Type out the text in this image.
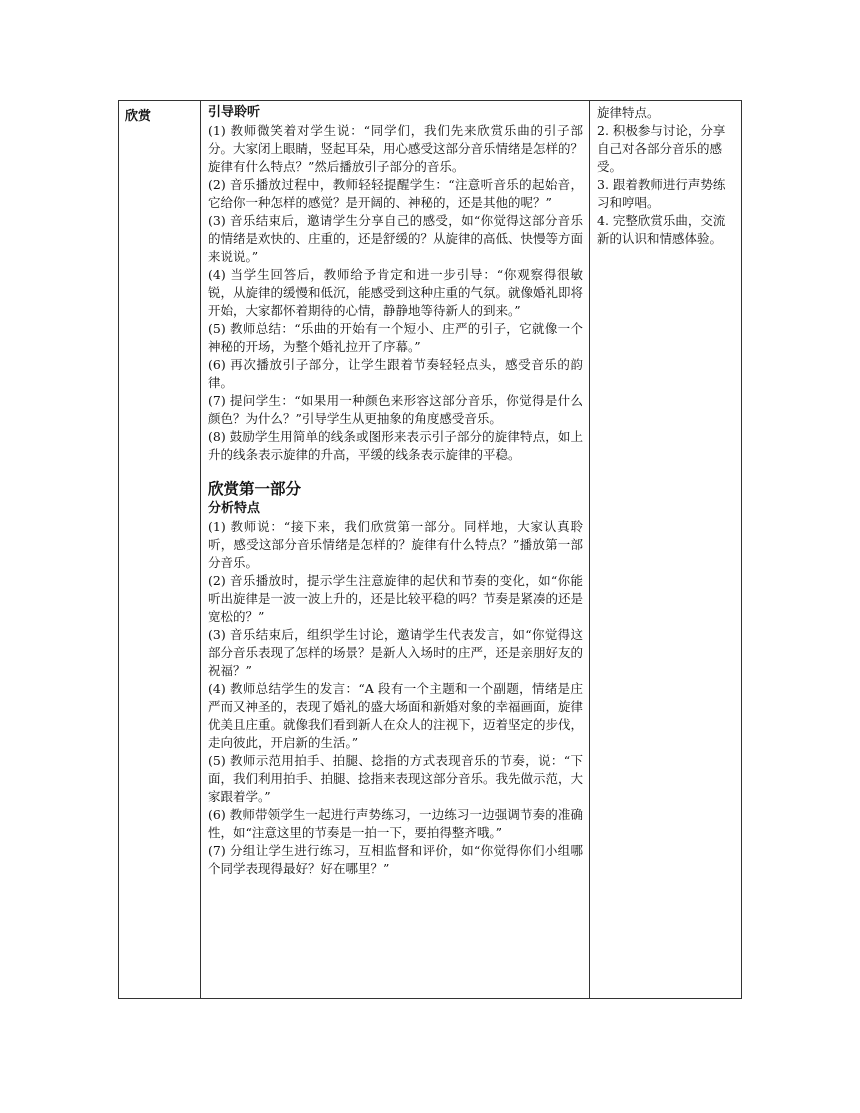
欣赏	引导聆听

(1) 教师微笑着对学生说：“同学们，我们先来欣赏乐曲的引子部分。大家闭上眼睛，竖起耳朵，用心感受这部分音乐情绪是怎样的？旋律有什么特点？”然后播放引子部分的音乐。

(2) 音乐播放过程中，教师轻轻提醒学生：“注意听音乐的起始音，它给你一种怎样的感觉？是开阔的、神秘的，还是其他的呢？”

(3) 音乐结束后，邀请学生分享自己的感受，如“你觉得这部分音乐的情绪是欢快的、庄重的，还是舒缓的？从旋律的高低、快慢等方面来说说。”

(4) 当学生回答后，教师给予肯定和进一步引导：“你观察得很敏锐，从旋律的缓慢和低沉，能感受到这种庄重的气氛。就像婚礼即将开始，大家都怀着期待的心情，静静地等待新人的到来。”

(5) 教师总结：“乐曲的开始有一个短小、庄严的引子，它就像一个神秘的开场，为整个婚礼拉开了序幕。”

(6) 再次播放引子部分，让学生跟着节奏轻轻点头，感受音乐的韵律。

(7) 提问学生：“如果用一种颜色来形容这部分音乐，你觉得是什么颜色？为什么？”引导学生从更抽象的角度感受音乐。

(8) 鼓励学生用简单的线条或图形来表示引子部分的旋律特点，如上升的线条表示旋律的升高，平缓的线条表示旋律的平稳。

欣赏第一部分

分析特点

(1) 教师说：“接下来，我们欣赏第一部分。同样地，大家认真聆听，感受这部分音乐情绪是怎样的？旋律有什么特点？”播放第一部分音乐。

(2) 音乐播放时，提示学生注意旋律的起伏和节奏的变化，如“你能听出旋律是一波一波上升的，还是比较平稳的吗？节奏是紧凑的还是宽松的？”

(3) 音乐结束后，组织学生讨论，邀请学生代表发言，如“你觉得这部分音乐表现了怎样的场景？是新人入场时的庄严，还是亲朋好友的祝福？”

(4) 教师总结学生的发言：“A 段有一个主题和一个副题，情绪是庄严而又神圣的，表现了婚礼的盛大场面和新婚对象的幸福画面，旋律优美且庄重。就像我们看到新人在众人的注视下，迈着坚定的步伐，走向彼此，开启新的生活。”

(5) 教师示范用拍手、拍腿、捻指的方式表现音乐的节奏，说：“下面，我们利用拍手、拍腿、捻指来表现这部分音乐。我先做示范，大家跟着学。”

(6) 教师带领学生一起进行声势练习，一边练习一边强调节奏的准确性，如“注意这里的节奏是一拍一下，要拍得整齐哦。”

(7) 分组让学生进行练习，互相监督和评价，如“你觉得你们小组哪个同学表现得最好？好在哪里？”

旋律特点。

2. 积极参与讨论，分享自己对各部分音乐的感受。

3. 跟着教师进行声势练习和哼唱。

4. 完整欣赏乐曲，交流新的认识和情感体验。
